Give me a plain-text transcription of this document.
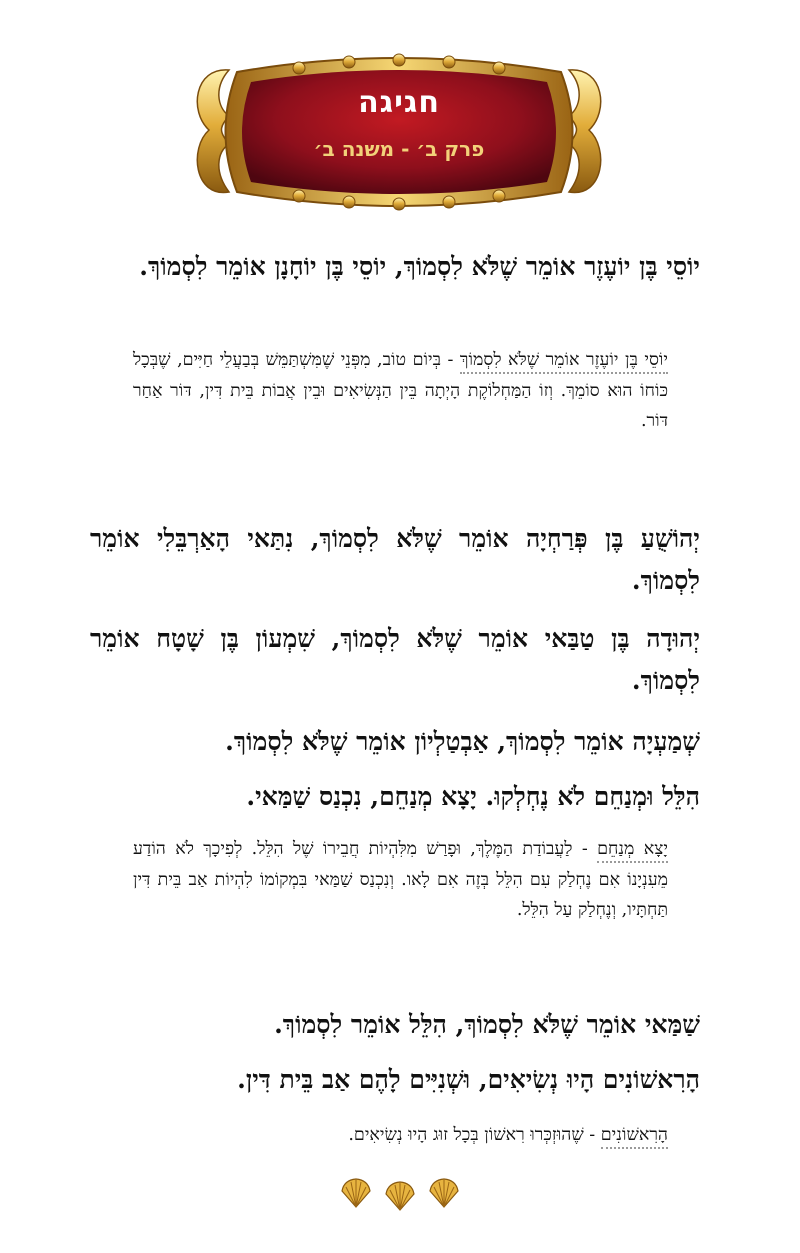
חגיגה
פרק ב׳ - משנה ב׳
יוֹסֵי בֶּן יוֹעֶזֶר אוֹמֵר שֶׁלֹּא לִסְמוֹךְ, יוֹסֵי בֶּן יוֹחָנָן אוֹמֵר לִסְמוֹךְ.
יוֹסֵי בֶּן יוֹעֶזֶר אוֹמֵר שֶׁלֹּא לִסְמוֹךְ - בְּיוֹם טוֹב, מִפְּנֵי שֶׁמִּשְׁתַּמֵּשׁ בְּבַעֲלֵי חַיִּים, שֶׁבְּכָל כּוֹחוֹ הוּא סוֹמֵךְ. וְזוֹ הַמַּחְלוֹקֶת הָיְתָה בֵּין הַנְּשִׂיאִים וּבֵין אֲבוֹת בֵּית דִּין, דּוֹר אַחַר דּוֹר.
יְהוֹשֻׁעַ בֶּן פְּרַחְיָה אוֹמֵר שֶׁלֹּא לִסְמוֹךְ, נִתַּאי הָאַרְבֵּלִי אוֹמֵר לִסְמוֹךְ.
יְהוּדָה בֶּן טַבַּאי אוֹמֵר שֶׁלֹּא לִסְמוֹךְ, שִׁמְעוֹן בֶּן שָׁטָח אוֹמֵר לִסְמוֹךְ.
שְׁמַעְיָה אוֹמֵר לִסְמוֹךְ, אַבְטַלְיוֹן אוֹמֵר שֶׁלֹּא לִסְמוֹךְ.
הִלֵּל וּמְנַחֵם לֹא נֶחְלְקוּ. יָצָא מְנַחֵם, נִכְנַס שַׁמַּאי.
יָצָא מְנַחֵם - לַעֲבוֹדַת הַמֶּלֶךְ, וּפָרַשׁ מִלִּהְיוֹת חֲבֵירוֹ שֶׁל הִלֵּל. לְפִיכָךְ לֹא הוֹדַע מֵעִנְיָנוֹ אִם נֶחְלַק עִם הִלֵּל בְּזֶה אִם לָאו. וְנִכְנַס שַׁמַּאי בִּמְקוֹמוֹ לִהְיוֹת אַב בֵּית דִּין תַּחְתָּיו, וְנֶחְלַק עַל הִלֵּל.
שַׁמַּאי אוֹמֵר שֶׁלֹּא לִסְמוֹךְ, הִלֵּל אוֹמֵר לִסְמוֹךְ.
הָרִאשׁוֹנִים הָיוּ נְשִׂיאִים, וּשְׁנִיִּים לָהֶם אַב בֵּית דִּין.
הָרִאשׁוֹנִים - שֶׁהוּזְכְּרוּ רִאשׁוֹן בְּכָל זוּג הָיוּ נְשִׂיאִים.
